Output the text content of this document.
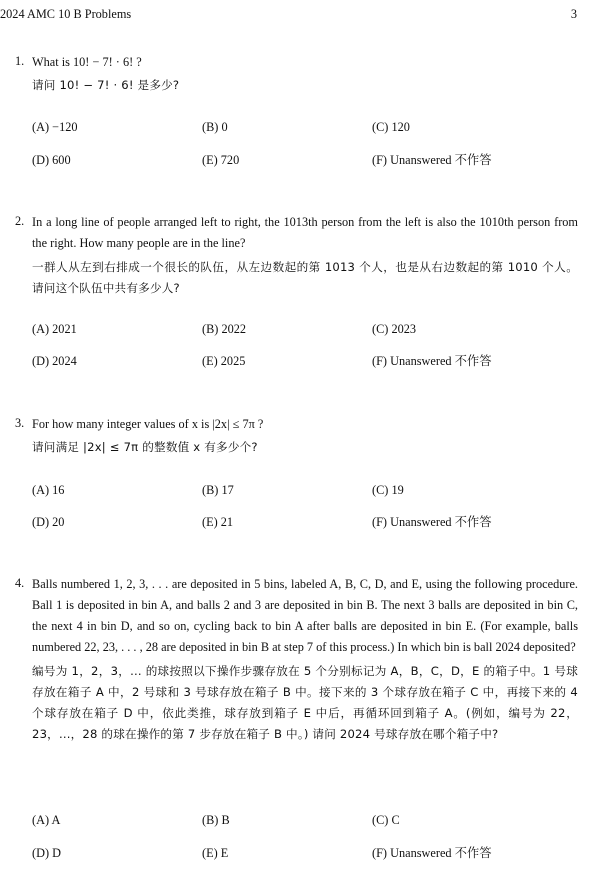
2024 AMC 10 B Problems	3
1. What is 10! − 7! · 6! ?

请问 10! − 7! · 6! 是多少?

(A) −120	(B) 0	(C) 120
(D) 600	(E) 720	(F) Unanswered 不作答
2. In a long line of people arranged left to right, the 1013th person from the left is also the 1010th person from the right. How many people are in the line?

一群人从左到右排成一个很长的队伍，从左边数起的第 1013 个人，也是从右边数起的第 1010 个人。请问这个队伍中共有多少人?

(A) 2021	(B) 2022	(C) 2023
(D) 2024	(E) 2025	(F) Unanswered 不作答
3. For how many integer values of x is |2x| ≤ 7π ?

请问满足 |2x| ≤ 7π 的整数值 x 有多少个?

(A) 16	(B) 17	(C) 19
(D) 20	(E) 21	(F) Unanswered 不作答
4. Balls numbered 1, 2, 3, . . . are deposited in 5 bins, labeled A, B, C, D, and E, using the following procedure. Ball 1 is deposited in bin A, and balls 2 and 3 are deposited in bin B. The next 3 balls are deposited in bin C, the next 4 in bin D, and so on, cycling back to bin A after balls are deposited in bin E. (For example, balls numbered 22, 23, . . . , 28 are deposited in bin B at step 7 of this process.) In which bin is ball 2024 deposited?

编号为 1，2，3，... 的球按照以下操作步骤存放在 5 个分别标记为 A，B，C，D，E 的箱子中。1 号球存放在箱子 A 中，2 号球和 3 号球存放在箱子 B 中。接下来的 3 个球存放在箱子 C 中，再接下来的 4 个球存放在箱子 D 中，依此类推，球存放到箱子 E 中后，再循环回到箱子 A。(例如，编号为 22，23，...，28 的球在操作的第 7 步存放在箱子 B 中。) 请问 2024 号球存放在哪个箱子中?

(A) A	(B) B	(C) C
(D) D	(E) E	(F) Unanswered 不作答
